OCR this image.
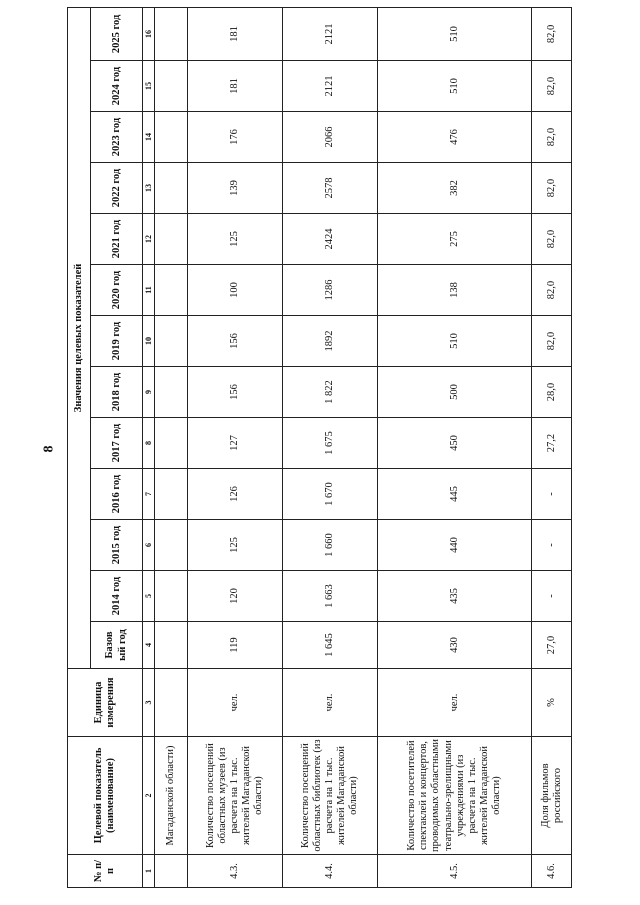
8
№ п/п	Целевой показатель (наименование)	Единица измерения	Значения целевых показателей												
			Базов ый год	2014 год	2015 год	2016 год	2017 год	2018 год	2019 год	2020 год	2021 год	2022 год	2023 год	2024 год	2025 год
1	2	3	4	5	6	7	8	9	10	11	12	13	14	15	16
	Магаданской области)														
4.3.	Количество посещений областных музеев (из расчета на 1 тыс. жителей Магаданской области)	чел.	119	120	125	126	127	156	156	100	125	139	176	181	181
4.4.	Количество посещений областных библиотек (из расчета на 1 тыс. жителей Магаданской области)	чел.	1 645	1 663	1 660	1 670	1 675	1 822	1892	1286	2424	2578	2066	2121	2121
4.5.	Количество посетителей спектаклей и концертов, проводимых областными театрально-зрелищными учреждениями (из расчета на 1 тыс. жителей Магаданской области)	чел.	430	435	440	445	450	500	510	138	275	382	476	510	510
4.6.	Доля фильмов российского	%	27,0	-	-	-	27,2	28,0	82,0	82,0	82,0	82,0	82,0	82,0	82,0
